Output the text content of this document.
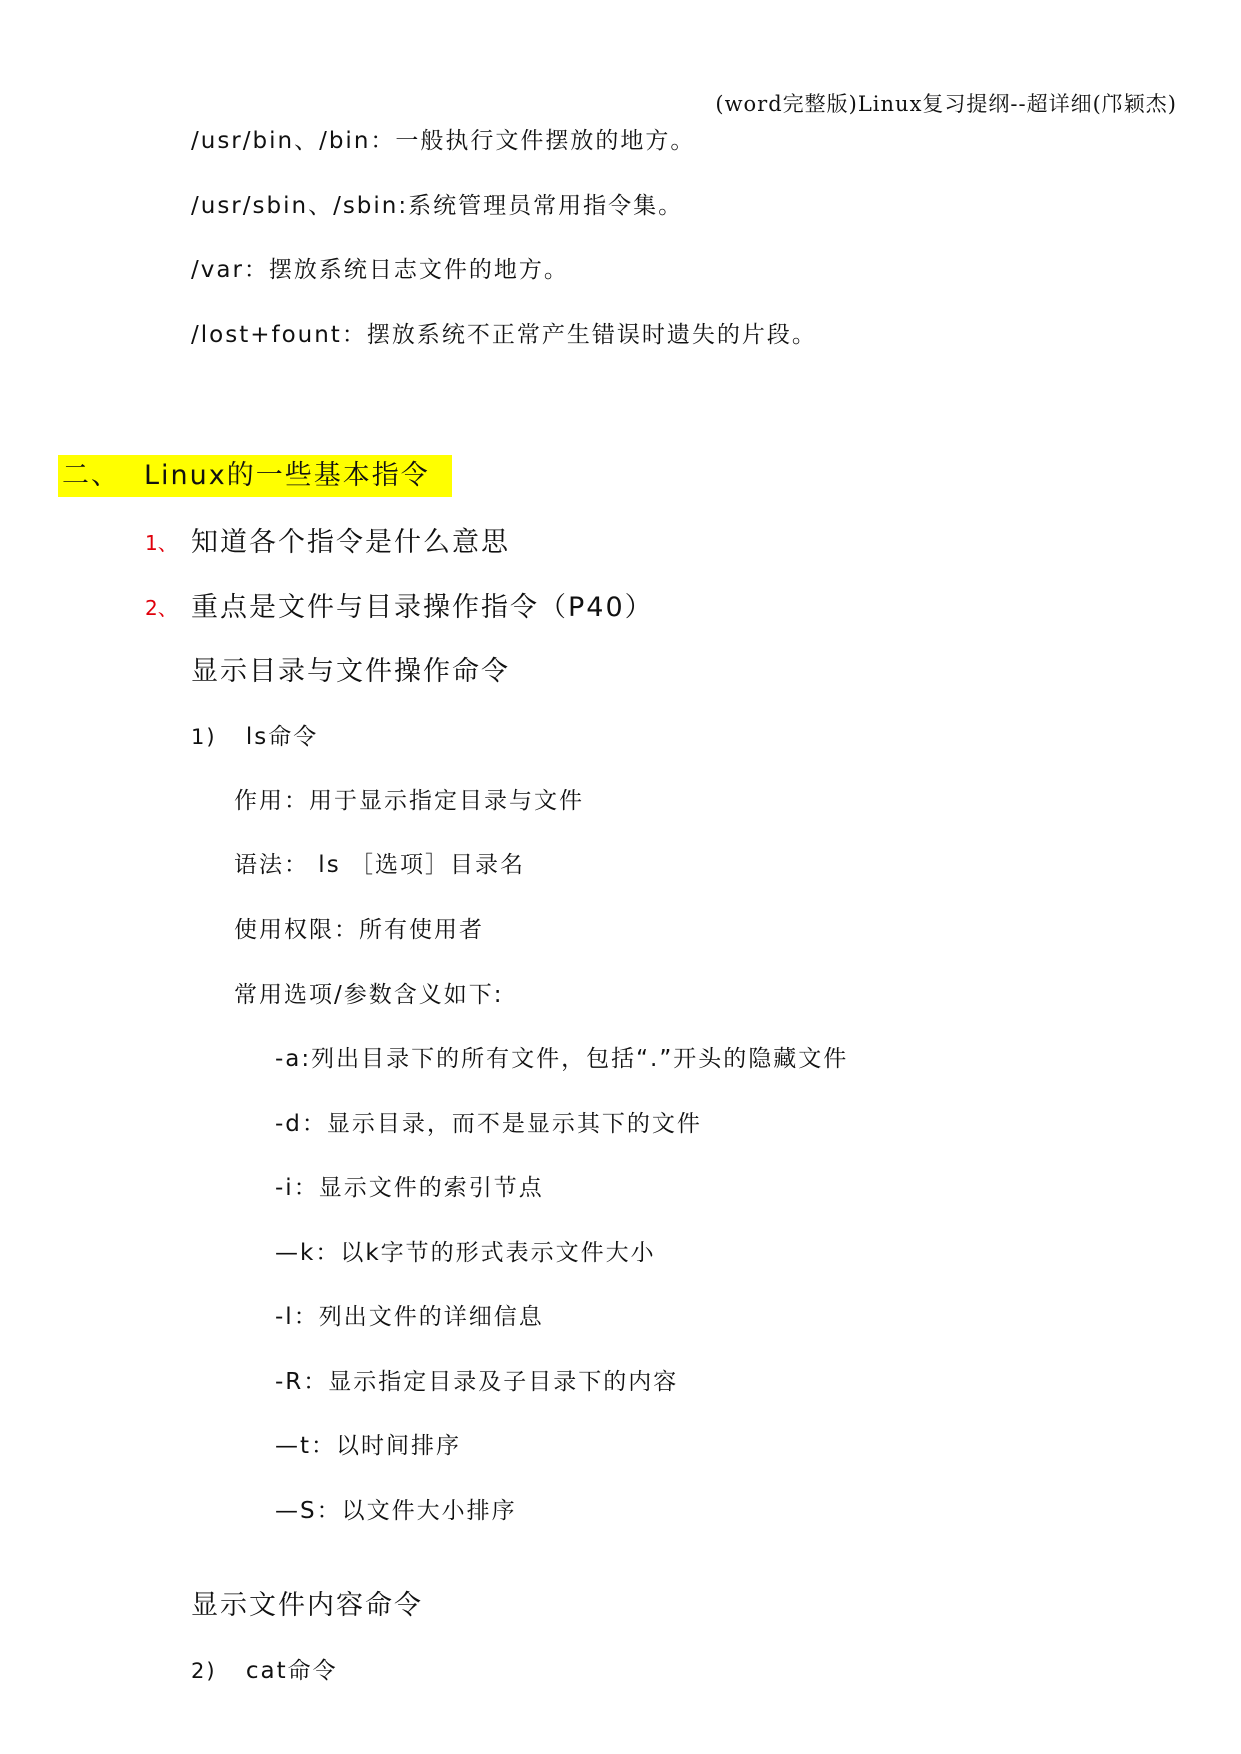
(word完整版)Linux复习提纲--超详细(邝颖杰)
/usr/bin、/bin：一般执行文件摆放的地方。
/usr/sbin、/sbin:系统管理员常用指令集。
/var：摆放系统日志文件的地方。
/lost+fount：摆放系统不正常产生错误时遗失的片段。
二、 Linux的一些基本指令
1、 知道各个指令是什么意思
2、 重点是文件与目录操作指令（P40）
显示目录与文件操作命令
1) ls命令
作用：用于显示指定目录与文件
语法： ls ［选项］目录名
使用权限：所有使用者
常用选项/参数含义如下:
-a:列出目录下的所有文件，包括“.”开头的隐藏文件
-d：显示目录，而不是显示其下的文件
-i：显示文件的索引节点
—k：以k字节的形式表示文件大小
-l：列出文件的详细信息
-R：显示指定目录及子目录下的内容
—t：以时间排序
—S：以文件大小排序
显示文件内容命令
2) cat命令
